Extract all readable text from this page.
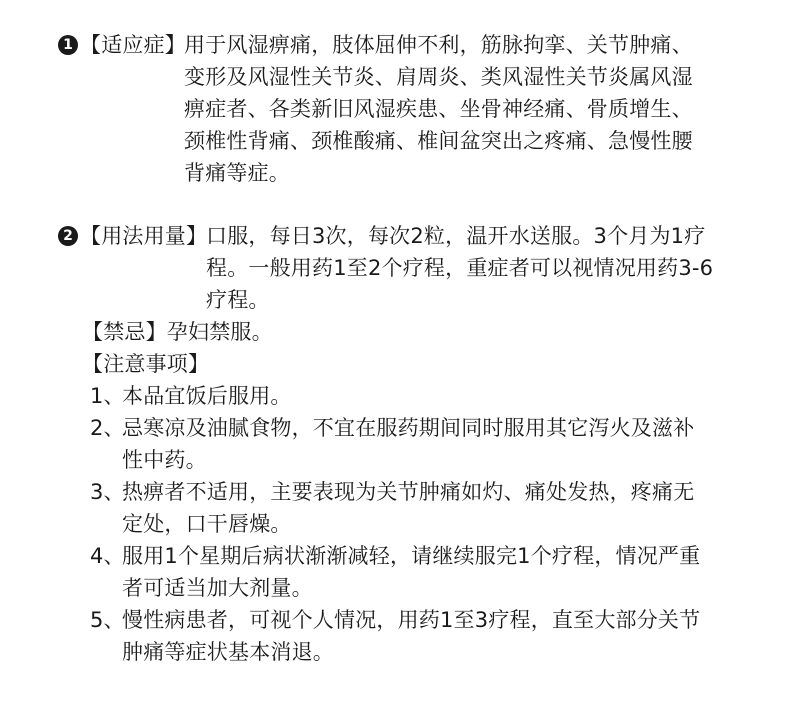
1 【适应症】
用于风湿痹痛，肢体屈伸不利，筋脉拘挛、关节肿痛、
变形及风湿性关节炎、肩周炎、类风湿性关节炎属风湿
痹症者、各类新旧风湿疾患、坐骨神经痛、骨质增生、
颈椎性背痛、颈椎酸痛、椎间盆突出之疼痛、急慢性腰
背痛等症。
2 【用法用量】
口服，每日3次，每次2粒，温开水送服。3个月为1疗
程。一般用药1至2个疗程，重症者可以视情况用药3-6
疗程。
【禁忌】孕妇禁服。
【注意事项】
1、
本品宜饭后服用。
2、
忌寒凉及油腻食物，不宜在服药期间同时服用其它泻火及滋补
性中药。
3、
热痹者不适用，主要表现为关节肿痛如灼、痛处发热，疼痛无
定处，口干唇燥。
4、
服用1个星期后病状渐渐减轻，请继续服完1个疗程，情况严重
者可适当加大剂量。
5、
慢性病患者，可视个人情况，用药1至3疗程，直至大部分关节
肿痛等症状基本消退。
